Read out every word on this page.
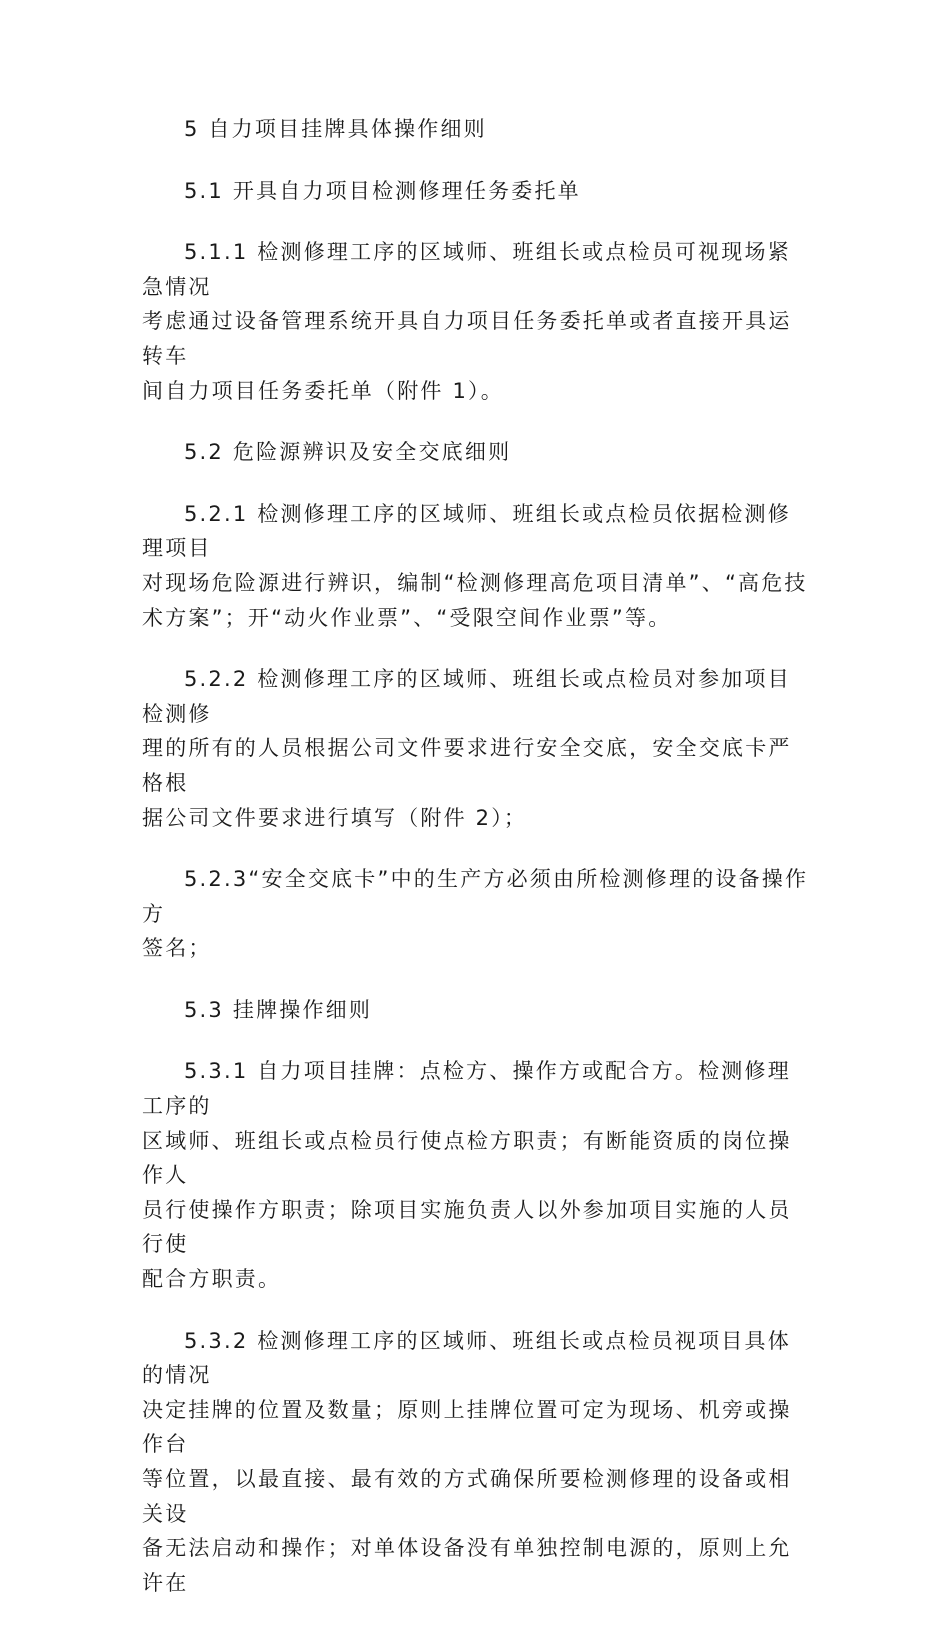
5 自力项目挂牌具体操作细则
5.1 开具自力项目检测修理任务委托单
5.1.1 检测修理工序的区域师、班组长或点检员可视现场紧急情况
考虑通过设备管理系统开具自力项目任务委托单或者直接开具运转车
间自力项目任务委托单（附件 1）。
5.2 危险源辨识及安全交底细则
5.2.1 检测修理工序的区域师、班组长或点检员依据检测修理项目
对现场危险源进行辨识，编制“检测修理高危项目清单”、“高危技
术方案”；开“动火作业票”、“受限空间作业票”等。
5.2.2 检测修理工序的区域师、班组长或点检员对参加项目检测修
理的所有的人员根据公司文件要求进行安全交底，安全交底卡严格根
据公司文件要求进行填写（附件 2）；
5.2.3“安全交底卡”中的生产方必须由所检测修理的设备操作方
签名；
5.3 挂牌操作细则
5.3.1 自力项目挂牌：点检方、操作方或配合方。检测修理工序的
区域师、班组长或点检员行使点检方职责；有断能资质的岗位操作人
员行使操作方职责；除项目实施负责人以外参加项目实施的人员行使
配合方职责。
5.3.2 检测修理工序的区域师、班组长或点检员视项目具体的情况
决定挂牌的位置及数量；原则上挂牌位置可定为现场、机旁或操作台
等位置，以最直接、最有效的方式确保所要检测修理的设备或相关设
备无法启动和操作；对单体设备没有单独控制电源的，原则上允许在
